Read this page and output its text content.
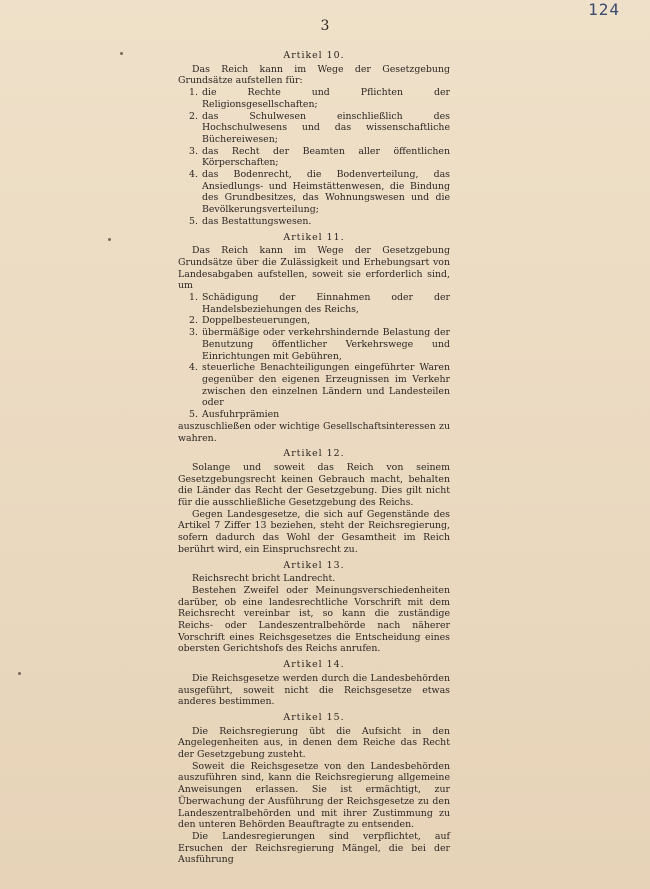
124
3
Artikel 10.

Das Reich kann im Wege der Gesetzgebung Grundsätze aufstellen für:

1. die Rechte und Pflichten der Religionsgesellschaften;
2. das Schulwesen einschließlich des Hochschulwesens und das wissenschaftliche Büchereiwesen;
3. das Recht der Beamten aller öffentlichen Körperschaften;
4. das Bodenrecht, die Bodenverteilung, das Ansiedlungs- und Heimstättenwesen, die Bindung des Grundbesitzes, das Wohnungswesen und die Bevölkerungsverteilung;
5. das Bestattungswesen.
Artikel 11.

Das Reich kann im Wege der Gesetzgebung Grundsätze über die Zulässigkeit und Erhebungsart von Landesabgaben aufstellen, soweit sie erforderlich sind, um

1. Schädigung der Einnahmen oder der Handelsbeziehungen des Reichs,
2. Doppelbesteuerungen,
3. übermäßige oder verkehrshindernde Belastung der Benutzung öffentlicher Verkehrswege und Einrichtungen mit Gebühren,
4. steuerliche Benachteiligungen eingeführter Waren gegenüber den eigenen Erzeugnissen im Verkehr zwischen den einzelnen Ländern und Landesteilen oder
5. Ausfuhrprämien

auszuschließen oder wichtige Gesellschaftsinteressen zu wahren.

Artikel 12.

Solange und soweit das Reich von seinem Gesetzgebungsrecht keinen Gebrauch macht, behalten die Länder das Recht der Gesetzgebung. Dies gilt nicht für die ausschließliche Gesetzgebung des Reichs.

Gegen Landesgesetze, die sich auf Gegenstände des Artikel 7 Ziffer 13 beziehen, steht der Reichsregierung, sofern dadurch das Wohl der Gesamtheit im Reich berührt wird, ein Einspruchsrecht zu.

Artikel 13.

Reichsrecht bricht Landrecht.

Bestehen Zweifel oder Meinungsverschiedenheiten darüber, ob eine landesrechtliche Vorschrift mit dem Reichsrecht vereinbar ist, so kann die zuständige Reichs- oder Landeszentralbehörde nach näherer Vorschrift eines Reichsgesetzes die Entscheidung eines obersten Gerichtshofs des Reichs anrufen.

Artikel 14.

Die Reichsgesetze werden durch die Landesbehörden ausgeführt, soweit nicht die Reichsgesetze etwas anderes bestimmen.

Artikel 15.

Die Reichsregierung übt die Aufsicht in den Angelegenheiten aus, in denen dem Reiche das Recht der Gesetzgebung zusteht.

Soweit die Reichsgesetze von den Landesbehörden auszuführen sind, kann die Reichsregierung allgemeine Anweisungen erlassen. Sie ist ermächtigt, zur Überwachung der Ausführung der Reichsgesetze zu den Landeszentralbehörden und mit ihrer Zustimmung zu den unteren Behörden Beauftragte zu entsenden.

Die Landesregierungen sind verpflichtet, auf Ersuchen der Reichsregierung Mängel, die bei der Ausführung
